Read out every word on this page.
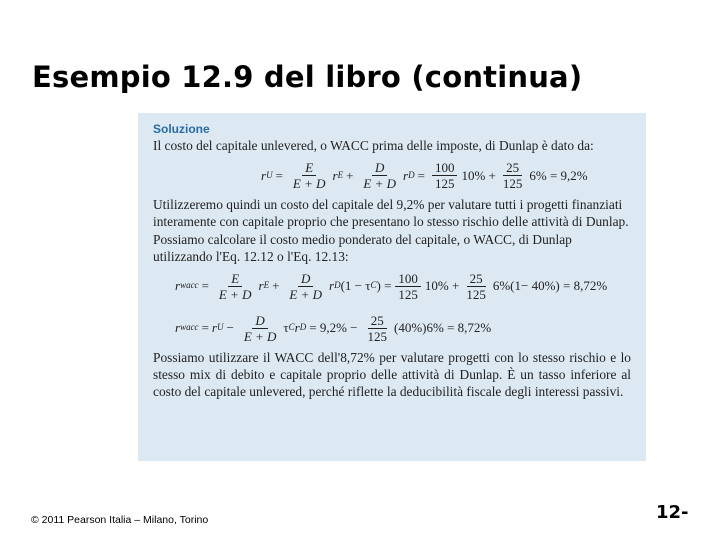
Esempio 12.9 del libro (continua)
Soluzione

Il costo del capitale unlevered, o WACC prima delle imposte, di Dunlap è dato da:

r $U = \frac{E}{E + D}$ r $E + \frac{D}{E + D}$ r $D = \frac{100}{125} 10\% + \frac{25}{125} 6\% = 9,2\%$

Utilizzeremo quindi un costo del capitale del 9,2% per valutare tutti i progetti finanziati interamente con capitale proprio che presentano lo stesso rischio delle attività di Dunlap.

Possiamo calcolare il costo medio ponderato del capitale, o WACC, di Dunlap utilizzando l'Eq. 12.12 o l'Eq. 12.13:

r wacc = $\frac{E}{E + D}$ r $E + \frac{D}{E + D}$ r D (1 − τ C ) = $\frac{100}{125} 10\% + \frac{25}{125} 6\%(1- 40\%) = 8,72\%$
r wacc = r $U - \frac{D}{E + D}$ τ C r $D = 9,2\% - \frac{25}{125} (40\%)6\% = 8,72\%$

Possiamo utilizzare il WACC dell'8,72% per valutare progetti con lo stesso rischio e lo stesso mix di debito e capitale proprio delle attività di Dunlap. È un tasso inferiore al costo del capitale unlevered, perché riflette la deducibilità fiscale degli interessi passivi.

© 2011 Pearson Italia – Milano, Torino	12-
